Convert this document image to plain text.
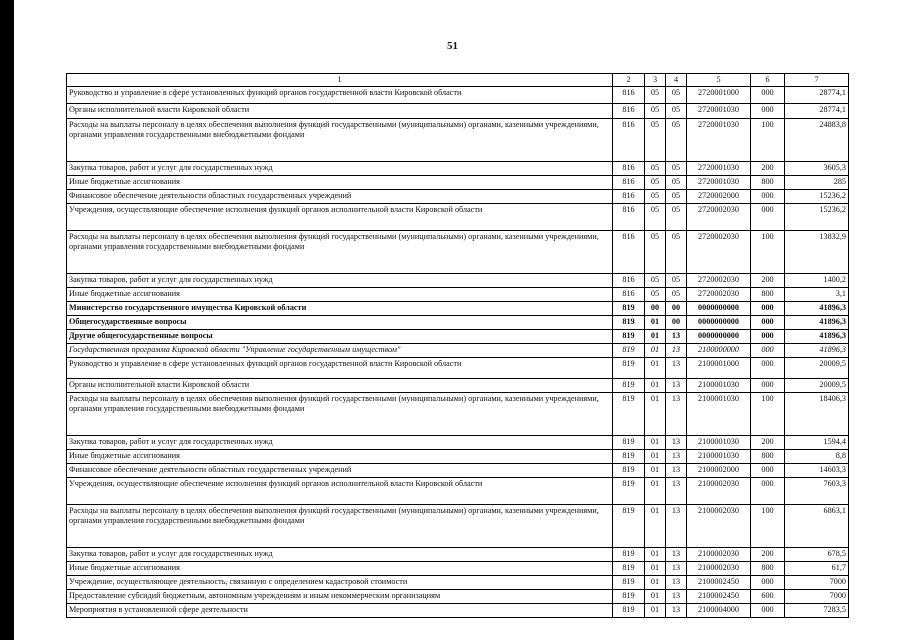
51
1	2	3	4	5	6	7
Руководство и управление в сфере установленных функций органов государственной власти Кировской области	816	05	05	2720001000	000	28774,1
Органы исполнительной власти Кировской области	816	05	05	2720001030	000	28774,1
Расходы на выплаты персоналу в целях обеспечения выполнения функций государственными (муниципальными) органами, казенными учреждениями, органами управления государственными внебюджетными фондами	816	05	05	2720001030	100	24883,8
Закупка товаров, работ и услуг для государственных нужд	816	05	05	2720001030	200	3605,3
Иные бюджетные ассигнования	816	05	05	2720001030	800	285
Финансовое обеспечение деятельности областных государственных учреждений	816	05	05	2720002000	000	15236,2
Учреждения, осуществляющие обеспечение исполнения функций органов исполнительной власти Кировской области	816	05	05	2720002030	000	15236,2
Расходы на выплаты персоналу в целях обеспечения выполнения функций государственными (муниципальными) органами, казенными учреждениями, органами управления государственными внебюджетными фондами	816	05	05	2720002030	100	13832,9
Закупка товаров, работ и услуг для государственных нужд	816	05	05	2720002030	200	1400,2
Иные бюджетные ассигнования	816	05	05	2720002030	800	3,1
Министерство государственного имущества Кировской области	819	00	00	0000000000	000	41896,3
Общегосударственные вопросы	819	01	00	0000000000	000	41896,3
Другие общегосударственные вопросы	819	01	13	0000000000	000	41896,3
Государственная программа Кировской области "Управление государственным имуществом"	819	01	13	2100000000	000	41896,3
Руководство и управление в сфере установленных функций органов государственной власти Кировской области	819	01	13	2100001000	000	20009,5
Органы исполнительной власти Кировской области	819	01	13	2100001030	000	20009,5
Расходы на выплаты персоналу в целях обеспечения выполнения функций государственными (муниципальными) органами, казенными учреждениями, органами управления государственными внебюджетными фондами	819	01	13	2100001030	100	18406,3
Закупка товаров, работ и услуг для государственных нужд	819	01	13	2100001030	200	1594,4
Иные бюджетные ассигнования	819	01	13	2100001030	800	8,8
Финансовое обеспечение деятельности областных государственных учреждений	819	01	13	2100002000	000	14603,3
Учреждения, осуществляющие обеспечение исполнения функций органов исполнительной власти Кировской области	819	01	13	2100002030	000	7603,3
Расходы на выплаты персоналу в целях обеспечения выполнения функций государственными (муниципальными) органами, казенными учреждениями, органами управления государственными внебюджетными фондами	819	01	13	2100002030	100	6863,1
Закупка товаров, работ и услуг для государственных нужд	819	01	13	2100002030	200	678,5
Иные бюджетные ассигнования	819	01	13	2100002030	800	61,7
Учреждение, осуществляющее деятельность, связанную с определением кадастровой стоимости	819	01	13	2100002450	000	7000
Предоставление субсидий бюджетным, автономным учреждениям и иным некоммерческим организациям	819	01	13	2100002450	600	7000
Мероприятия в установленной сфере деятельности	819	01	13	2100004000	000	7283,5
